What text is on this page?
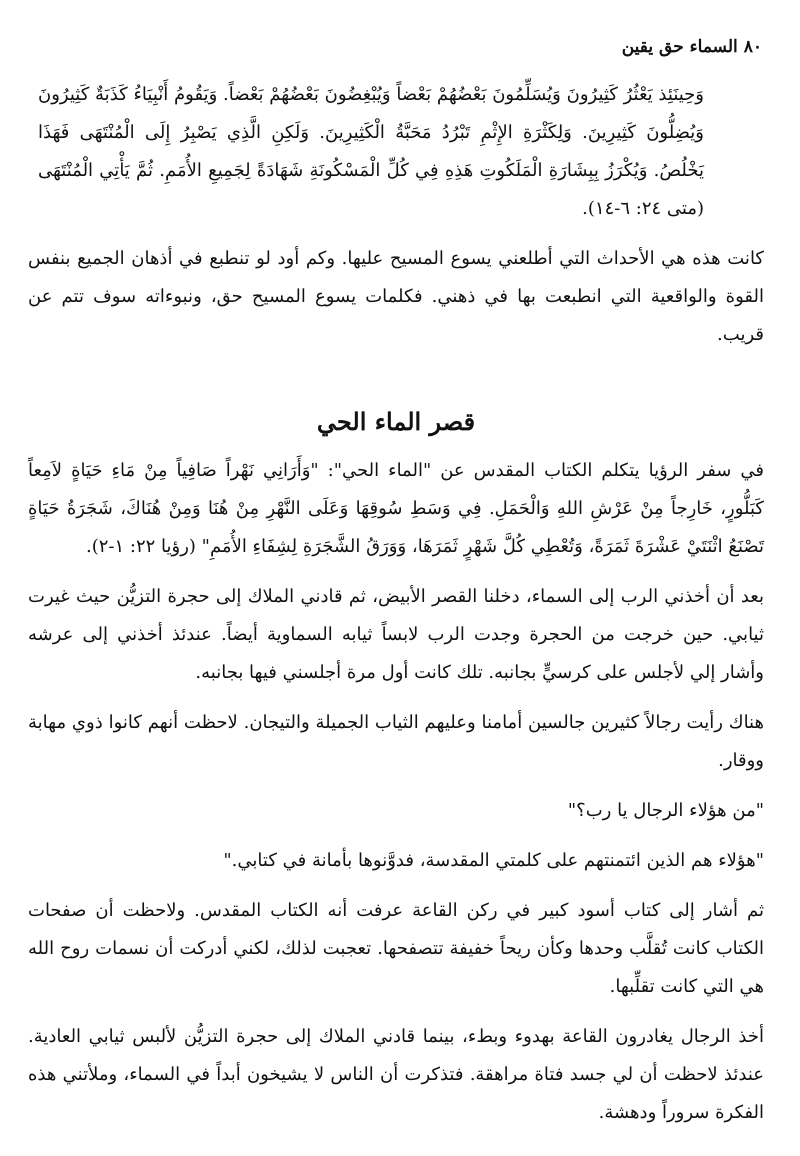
٨٠
السماء حق يقين
وَحِينَئِذ يَعْثُرُ كَثِيرُونَ وَيُسَلِّمُونَ بَعْضُهُمْ بَعْضاً وَيُبْغِضُونَ بَعْضُهُمْ بَعْضاً. وَيَقُومُ أَنْبِيَاءُ كَذَبَةٌ كَثِيرُونَ وَيُضِلُّونَ كَثِيرِينَ. وَلِكَثْرَةِ الإِثْمِ تَبْرُدُ مَحَبَّةُ الْكَثِيرِينَ. وَلَكِنِ الَّذِي يَصْبِرُ إِلَى الْمُنْتَهَى فَهَذَا يَخْلُصُ. وَيُكْرَزُ بِبِشَارَةِ الْمَلَكُوتِ هَذِهِ فِي كُلِّ الْمَسْكُونَةِ شَهَادَةً لِجَمِيعِ الأُمَمِ. ثُمَّ يَأْتِي الْمُنْتَهَى (متى ٢٤: ٦-١٤).

كانت هذه هي الأحداث التي أطلعني يسوع المسيح عليها. وكم أود لو تنطبع في أذهان الجميع بنفس القوة والواقعية التي انطبعت بها في ذهني. فكلمات يسوع المسيح حق، ونبوءاته سوف تتم عن قريب.

قصر الماء الحي

في سفر الرؤيا يتكلم الكتاب المقدس عن "الماء الحي": "وَأَرَانِي نَهْراً صَافِياً مِنْ مَاءِ حَيَاةٍ لاَمِعاً كَبَلُّورٍ، خَارِجاً مِنْ عَرْشِ اللهِ وَالْحَمَلِ. فِي وَسَطِ سُوقِهَا وَعَلَى النَّهْرِ مِنْ هُنَا وَمِنْ هُنَاكَ، شَجَرَةُ حَيَاةٍ تَصْنَعُ اثْنَتَيْ عَشْرَةَ ثَمَرَةً، وَتُعْطِي كُلَّ شَهْرٍ ثَمَرَهَا، وَوَرَقُ الشَّجَرَةِ لِشِفَاءِ الأُمَمِ" (رؤيا ٢٢: ١-٢).

بعد أن أخذني الرب إلى السماء، دخلنا القصر الأبيض، ثم قادني الملاك إلى حجرة التزيُّن حيث غيرت ثيابي. حين خرجت من الحجرة وجدت الرب لابساً ثيابه السماوية أيضاً. عندئذ أخذني إلى عرشه وأشار إلي لأجلس على كرسيٍّ بجانبه. تلك كانت أول مرة أجلسني فيها بجانبه.

هناك رأيت رجالاً كثيرين جالسين أمامنا وعليهم الثياب الجميلة والتيجان. لاحظت أنهم كانوا ذوي مهابة ووقار.

"من هؤلاء الرجال يا رب؟"

"هؤلاء هم الذين ائتمنتهم على كلمتي المقدسة، فدوَّنوها بأمانة في كتابي."

ثم أشار إلى كتاب أسود كبير في ركن القاعة عرفت أنه الكتاب المقدس. ولاحظت أن صفحات الكتاب كانت تُقلَّب وحدها وكأن ريحاً خفيفة تتصفحها. تعجبت لذلك، لكني أدركت أن نسمات روح الله هي التي كانت تقلِّبها.

أخذ الرجال يغادرون القاعة بهدوء وبطء، بينما قادني الملاك إلى حجرة التزيُّن لألبس ثيابي العادية. عندئذ لاحظت أن لي جسد فتاة مراهقة. فتذكرت أن الناس لا يشيخون أبداً في السماء، وملأتني هذه الفكرة سروراً ودهشة.
